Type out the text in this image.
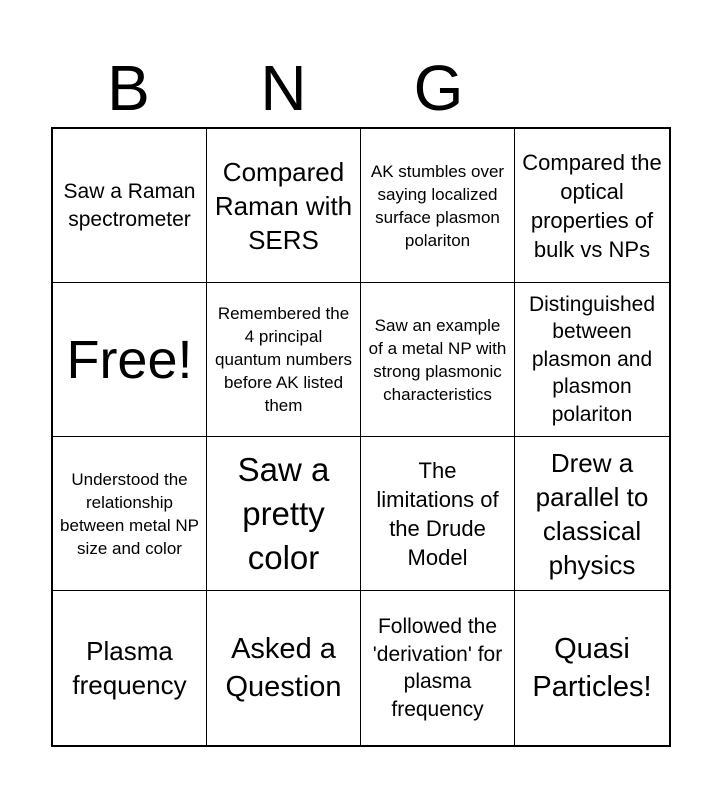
B	N	G
Saw a Raman spectrometer
Compared Raman with SERS
AK stumbles over saying localized surface plasmon polariton
Compared the optical properties of bulk vs NPs
Free!
Remembered the 4 principal quantum numbers before AK listed them
Saw an example of a metal NP with strong plasmonic characteristics
Distinguished between plasmon and plasmon polariton
Understood the relationship between metal NP size and color
Saw a pretty color
The limitations of the Drude Model
Drew a parallel to classical physics
Plasma frequency
Asked a Question
Followed the 'derivation' for plasma frequency
Quasi Particles!
